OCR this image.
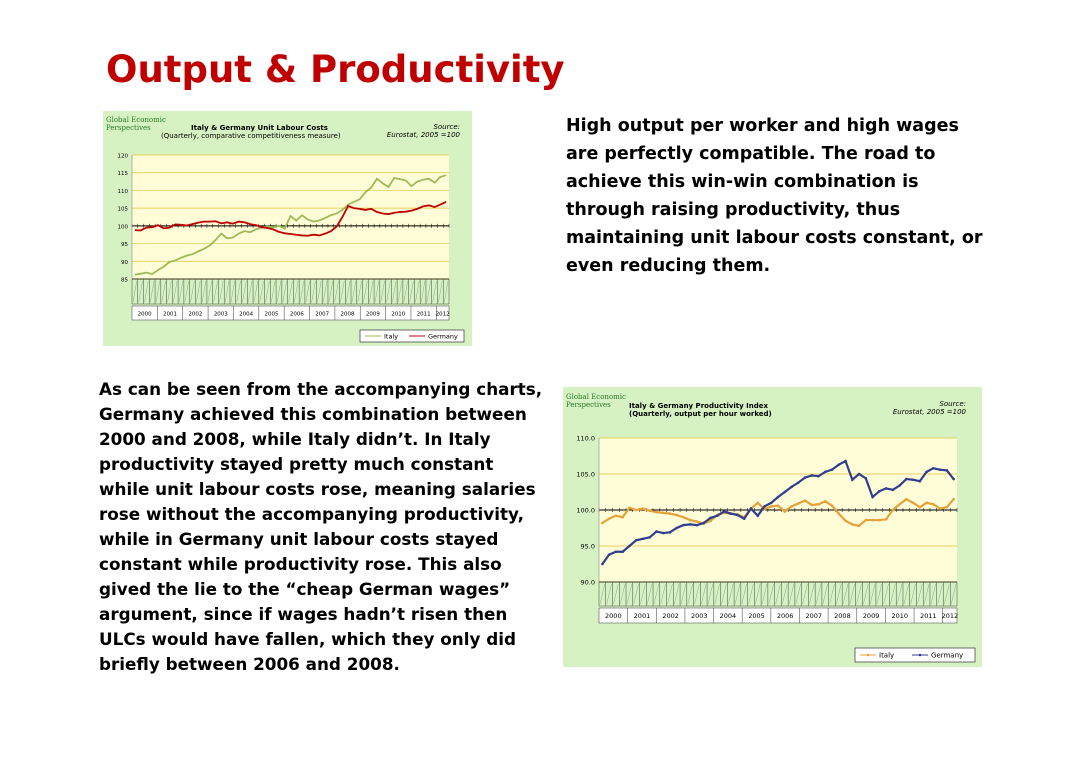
Output & Productivity
High output per worker and high wages are perfectly compatible. The road to achieve this win-win combination is through raising productivity, thus maintaining unit labour costs constant, or even reducing them.
As can be seen from the accompanying charts, Germany achieved this combination between 2000 and 2008, while Italy didn’t. In Italy productivity stayed pretty much constant while unit labour costs rose, meaning salaries rose without the accompanying productivity, while in Germany unit labour costs stayed constant while productivity rose. This also gived the lie to the “cheap German wages” argument, since if wages hadn’t risen then ULCs would have fallen, which they only did briefly between 2006 and 2008.
Global Economic
Perspectives	Italy & Germany Unit Labour Costs
(Quarterly, comparative competitiveness measure)
Source:
Eurostat, 2005 =100
120
115
110
105
100
95
90
85
2000 2001 2002 2003 2004 2005 2006 2007 2008 2009 2010 2011 2012
Italy	Germany
Global Economic
Perspectives	Italy & Germany Productivity Index
(Quarterly, output per hour worked)
Source:
Eurostat, 2005 =100
110.0
105.0
100.0
95.0
90.0
2000 2001 2002 2003 2004 2005 2006 2007 2008 2009 2010 2011 2012
Italy	Germany
